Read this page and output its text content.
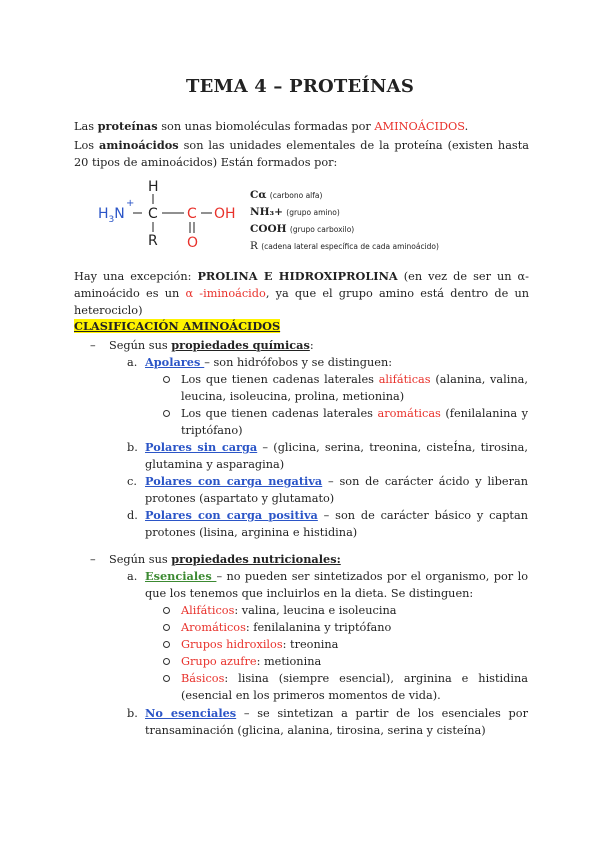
TEMA 4 – PROTEÍNAS
Las proteínas son unas biomoléculas formadas por AMINOÁCIDOS.
Los aminoácidos son las unidades elementales de la proteína (existen hasta 20 tipos de aminoácidos) Están formados por:
H
$H_3N$
+
C C OH
O
R
Cα (carbono alfa)
NH₃+ (grupo amino)
COOH (grupo carboxilo)
R (cadena lateral específica de cada aminoácido)
Hay una excepción: PROLINA E HIDROXIPROLINA (en vez de ser un α-aminoácido es un α -iminoácido, ya que el grupo amino está dentro de un heterociclo)
CLASIFICACIÓN AMINOÁCIDOS
– Según sus propiedades químicas:
a. Apolares – son hidrófobos y se distinguen:
Los que tienen cadenas laterales alifáticas (alanina, valina, leucina, isoleucina, prolina, metionina)
Los que tienen cadenas laterales aromáticas (fenilalanina y triptófano)
b. Polares sin carga – (glicina, serina, treonina, cisteÍna, tirosina, glutamina y asparagina)
c. Polares con carga negativa – son de carácter ácido y liberan protones (aspartato y glutamato)
d. Polares con carga positiva – son de carácter básico y captan protones (lisina, arginina e histidina)
– Según sus propiedades nutricionales:
a. Esenciales – no pueden ser sintetizados por el organismo, por lo que los tenemos que incluirlos en la dieta. Se distinguen:
Alifáticos: valina, leucina e isoleucina
Aromáticos: fenilalanina y triptófano
Grupos hidroxilos: treonina
Grupo azufre: metionina
Básicos: lisina (siempre esencial), arginina e histidina (esencial en los primeros momentos de vida).
b. No esenciales – se sintetizan a partir de los esenciales por transaminación (glicina, alanina, tirosina, serina y cisteína)
